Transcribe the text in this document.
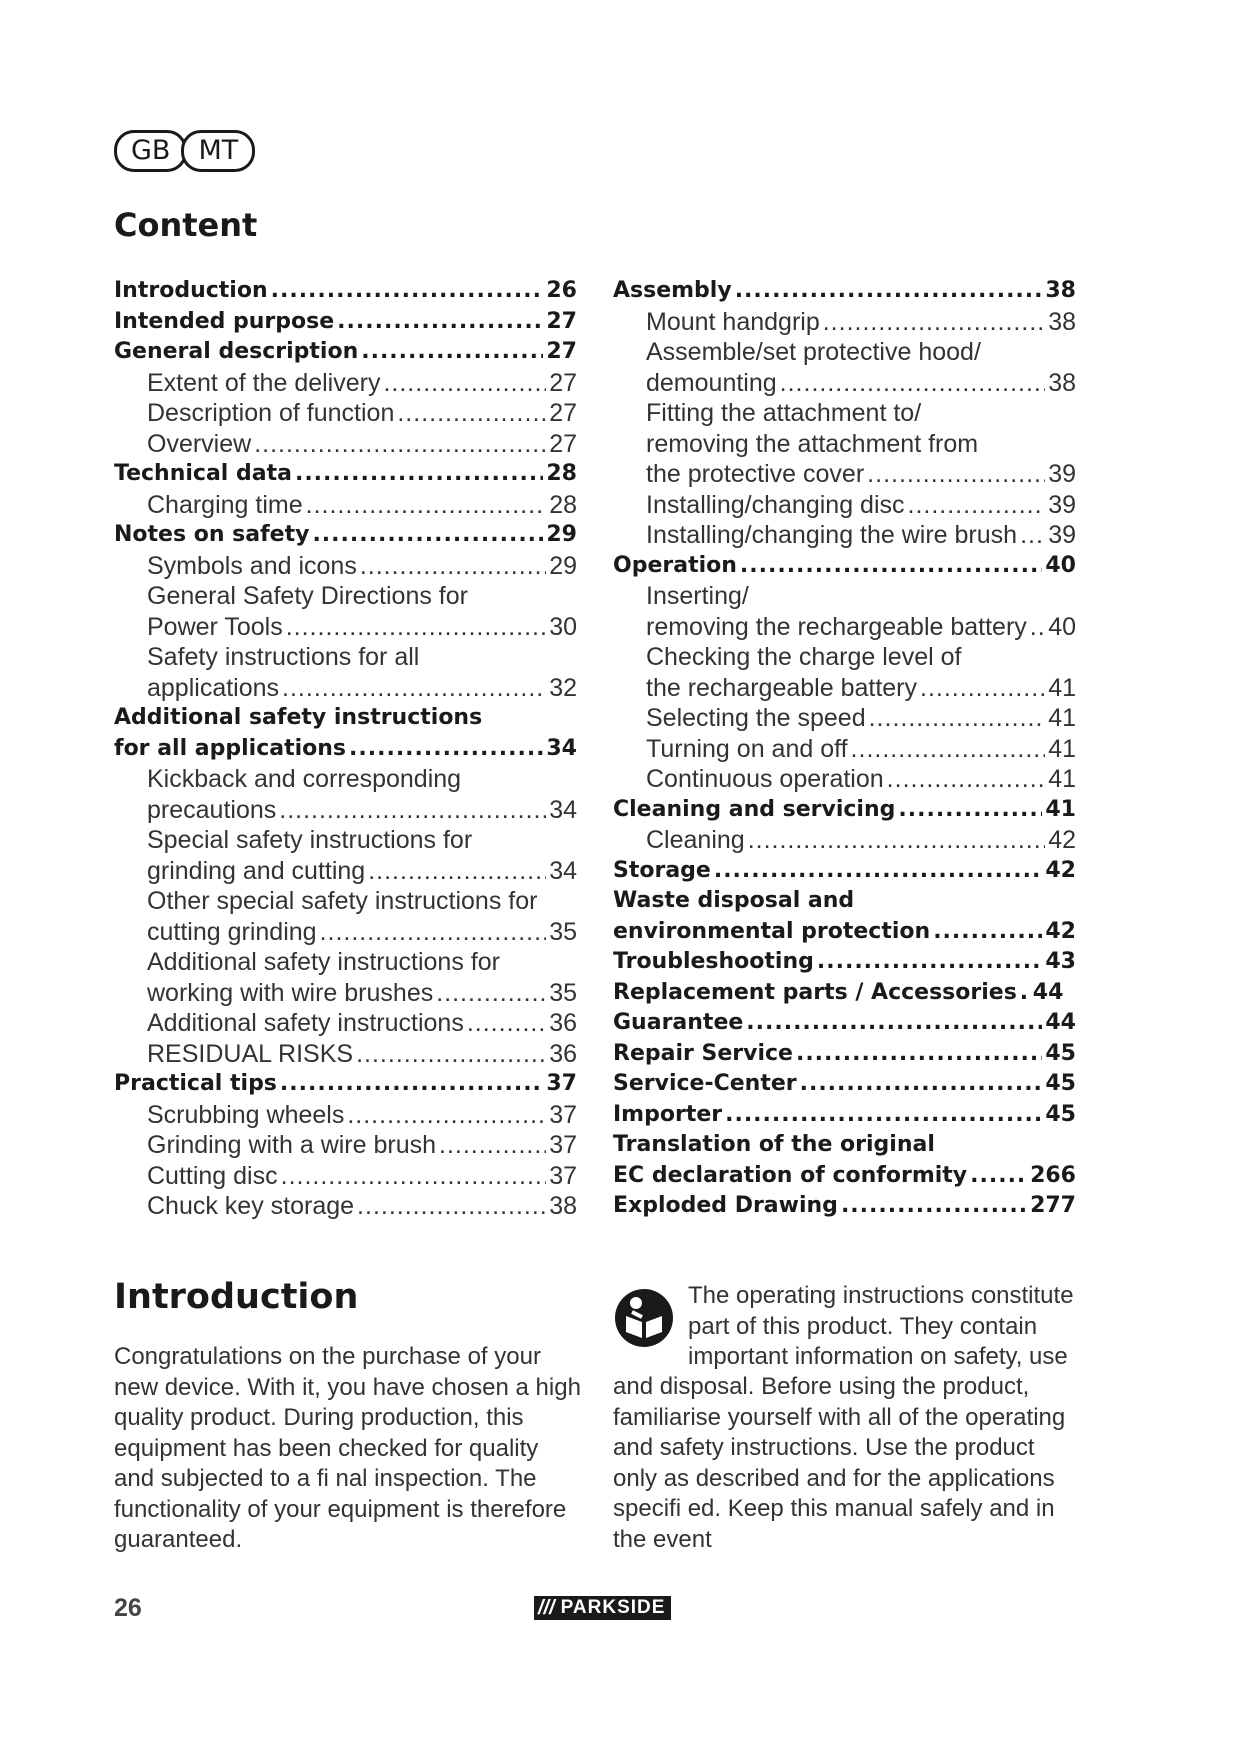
GB	MT
Content
Introduction .....	26
Intended purpose .....	27
General description .....	27
Extent of the delivery .....	27
Description of function .....	27
Overview .....	27
Technical data .....	28
Charging time .....	28
Notes on safety .....	29
Symbols and icons .....	29
General Safety Directions for
Power Tools .....	30
Safety instructions for all
applications .....	32
Additional safety instructions
for all applications .....	34
Kickback and corresponding
precautions .....	34
Special safety instructions for
grinding and cutting .....	34
Other special safety instructions for
cutting grinding .....	35
Additional safety instructions for
working with wire brushes .....	35
Additional safety instructions .....	36
RESIDUAL RISKS .....	36
Practical tips .....	37
Scrubbing wheels .....	37
Grinding with a wire brush .....	37
Cutting disc .....	37
Chuck key storage .....	38
Assembly .....	38
Mount handgrip .....	38
Assemble/set protective hood/
demounting .....	38
Fitting the attachment to/
removing the attachment from
the protective cover .....	39
Installing/changing disc .....	39
Installing/changing the wire brush ..... 39
Operation .....	40
Inserting/
removing the rechargeable battery ..... 40
Checking the charge level of
the rechargeable battery .....	41
Selecting the speed .....	41
Turning on and off .....	41
Continuous operation .....	41
Cleaning and servicing .....	41
Cleaning .....	42
Storage .....	42
Waste disposal and
environmental protection .....	42
Troubleshooting .....	43
Replacement parts / Accessories ..... 44
Guarantee .....	44
Repair Service .....	45
Service-Center .....	45
Importer .....	45
Translation of the original
EC declaration of conformity .....	266
Exploded Drawing .....	277
Introduction
Congratulations on the purchase of your new device. With it, you have chosen a high quality product. During production, this equipment has been checked for quality and subjected to a fi nal inspection. The functionality of your equipment is therefore guaranteed.
The operating instructions constitute part of this product. They contain important information on safety, use
and disposal. Before using the product, familiarise yourself with all of the operating and safety instructions. Use the product only as described and for the applications specifi ed. Keep this manual safely and in the event
26	/// PARKSIDE
